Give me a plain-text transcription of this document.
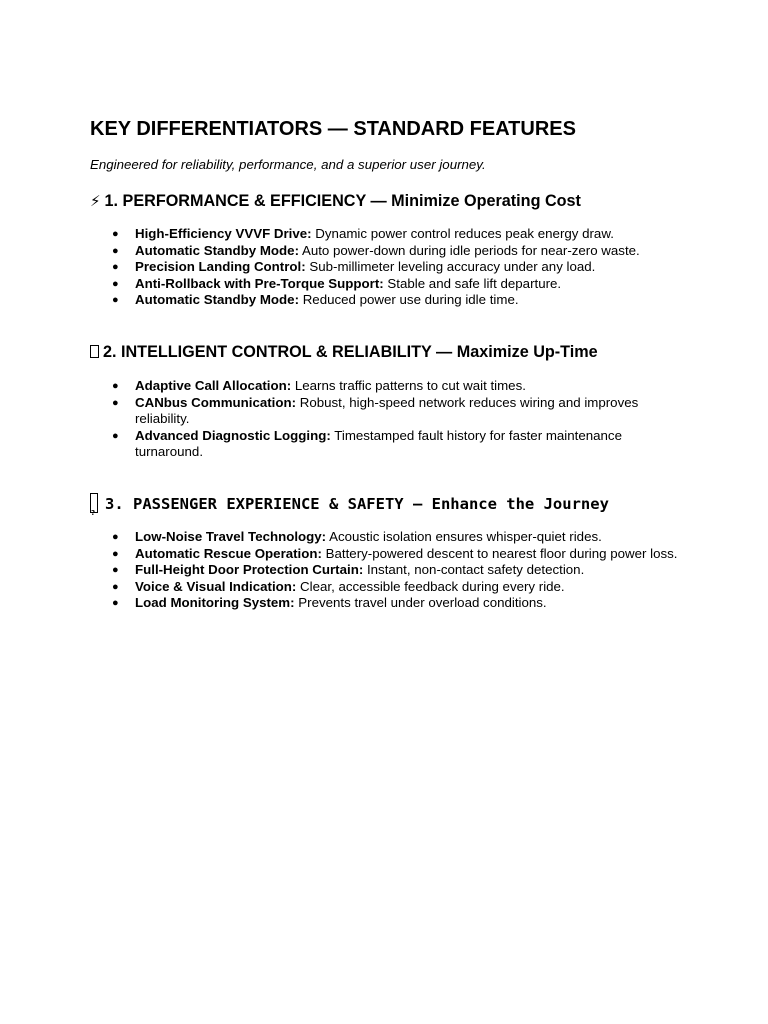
KEY DIFFERENTIATORS — STANDARD FEATURES

Engineered for reliability, performance, and a superior user journey.

⚡ 1. PERFORMANCE & EFFICIENCY — Minimize Operating Cost
● High-Efficiency VVVF Drive: Dynamic power control reduces peak energy draw.
● Automatic Standby Mode: Auto power-down during idle periods for near-zero waste.
● Precision Landing Control: Sub-millimeter leveling accuracy under any load.
● Anti-Rollback with Pre-Torque Support: Stable and safe lift departure.
● Automatic Standby Mode: Reduced power use during idle time.
2. INTELLIGENT CONTROL & RELIABILITY — Maximize Up-Time
● Adaptive Call Allocation: Learns traffic patterns to cut wait times.
● CANbus Communication: Robust, high-speed network reduces wiring and improves reliability.
● Advanced Diagnostic Logging: Timestamped fault history for faster maintenance turnaround.
?3. PASSENGER EXPERIENCE & SAFETY — Enhance the Journey
● Low-Noise Travel Technology: Acoustic isolation ensures whisper-quiet rides.
● Automatic Rescue Operation: Battery-powered descent to nearest floor during power loss.
● Full-Height Door Protection Curtain: Instant, non-contact safety detection.
● Voice & Visual Indication: Clear, accessible feedback during every ride.
● Load Monitoring System: Prevents travel under overload conditions.
